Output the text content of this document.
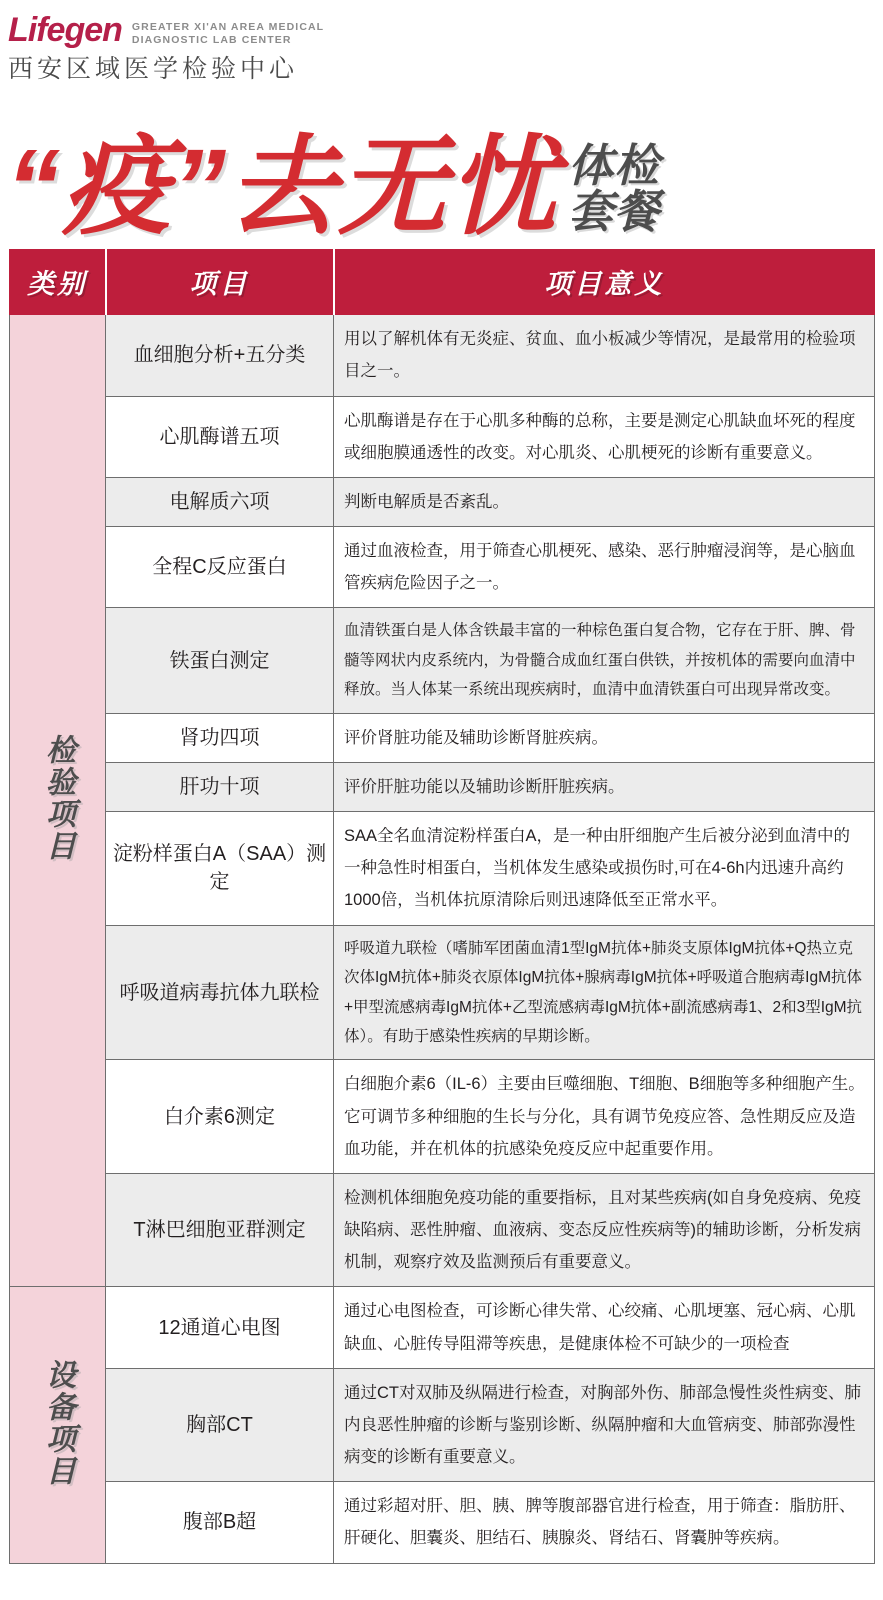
Lifegen GREATER XI'AN AREA MEDICAL
DIAGNOSTIC LAB CENTER
西安区域医学检验中心
“疫”去无忧 体检
套餐
类别	项目	项目意义
检验项目	血细胞分析+五分类	用以了解机体有无炎症、贫血、血小板减少等情况，是最常用的检验项目之一。
	心肌酶谱五项	心肌酶谱是存在于心肌多种酶的总称，主要是测定心肌缺血坏死的程度或细胞膜通透性的改变。对心肌炎、心肌梗死的诊断有重要意义。
	电解质六项	判断电解质是否紊乱。
	全程C反应蛋白	通过血液检查，用于筛查心肌梗死、感染、恶行肿瘤浸润等，是心脑血管疾病危险因子之一。
	铁蛋白测定	血清铁蛋白是人体含铁最丰富的一种棕色蛋白复合物，它存在于肝、脾、骨髓等网状内皮系统内，为骨髓合成血红蛋白供铁，并按机体的需要向血清中释放。当人体某一系统出现疾病时，血清中血清铁蛋白可出现异常改变。
	肾功四项	评价肾脏功能及辅助诊断肾脏疾病。
	肝功十项	评价肝脏功能以及辅助诊断肝脏疾病。
	淀粉样蛋白A（SAA）测定	SAA全名血清淀粉样蛋白A，是一种由肝细胞产生后被分泌到血清中的一种急性时相蛋白，当机体发生感染或损伤时,可在4-6h内迅速升高约1000倍，当机体抗原清除后则迅速降低至正常水平。
	呼吸道病毒抗体九联检	呼吸道九联检（嗜肺军团菌血清1型IgM抗体+肺炎支原体IgM抗体+Q热立克次体IgM抗体+肺炎衣原体IgM抗体+腺病毒IgM抗体+呼吸道合胞病毒IgM抗体+甲型流感病毒IgM抗体+乙型流感病毒IgM抗体+副流感病毒1、2和3型IgM抗体）。有助于感染性疾病的早期诊断。
	白介素6测定	白细胞介素6（IL-6）主要由巨噬细胞、T细胞、B细胞等多种细胞产生。它可调节多种细胞的生长与分化，具有调节免疫应答、急性期反应及造血功能，并在机体的抗感染免疫反应中起重要作用。
	T淋巴细胞亚群测定	检测机体细胞免疫功能的重要指标，且对某些疾病(如自身免疫病、免疫缺陷病、恶性肿瘤、血液病、变态反应性疾病等)的辅助诊断，分析发病机制，观察疗效及监测预后有重要意义。
设备项目	12通道心电图	通过心电图检查，可诊断心律失常、心绞痛、心肌埂塞、冠心病、心肌缺血、心脏传导阻滞等疾患，是健康体检不可缺少的一项检查
	胸部CT	通过CT对双肺及纵隔进行检查，对胸部外伤、肺部急慢性炎性病变、肺内良恶性肿瘤的诊断与鉴别诊断、纵隔肿瘤和大血管病变、肺部弥漫性病变的诊断有重要意义。
	腹部B超	通过彩超对肝、胆、胰、脾等腹部器官进行检查，用于筛查：脂肪肝、肝硬化、胆囊炎、胆结石、胰腺炎、肾结石、肾囊肿等疾病。
